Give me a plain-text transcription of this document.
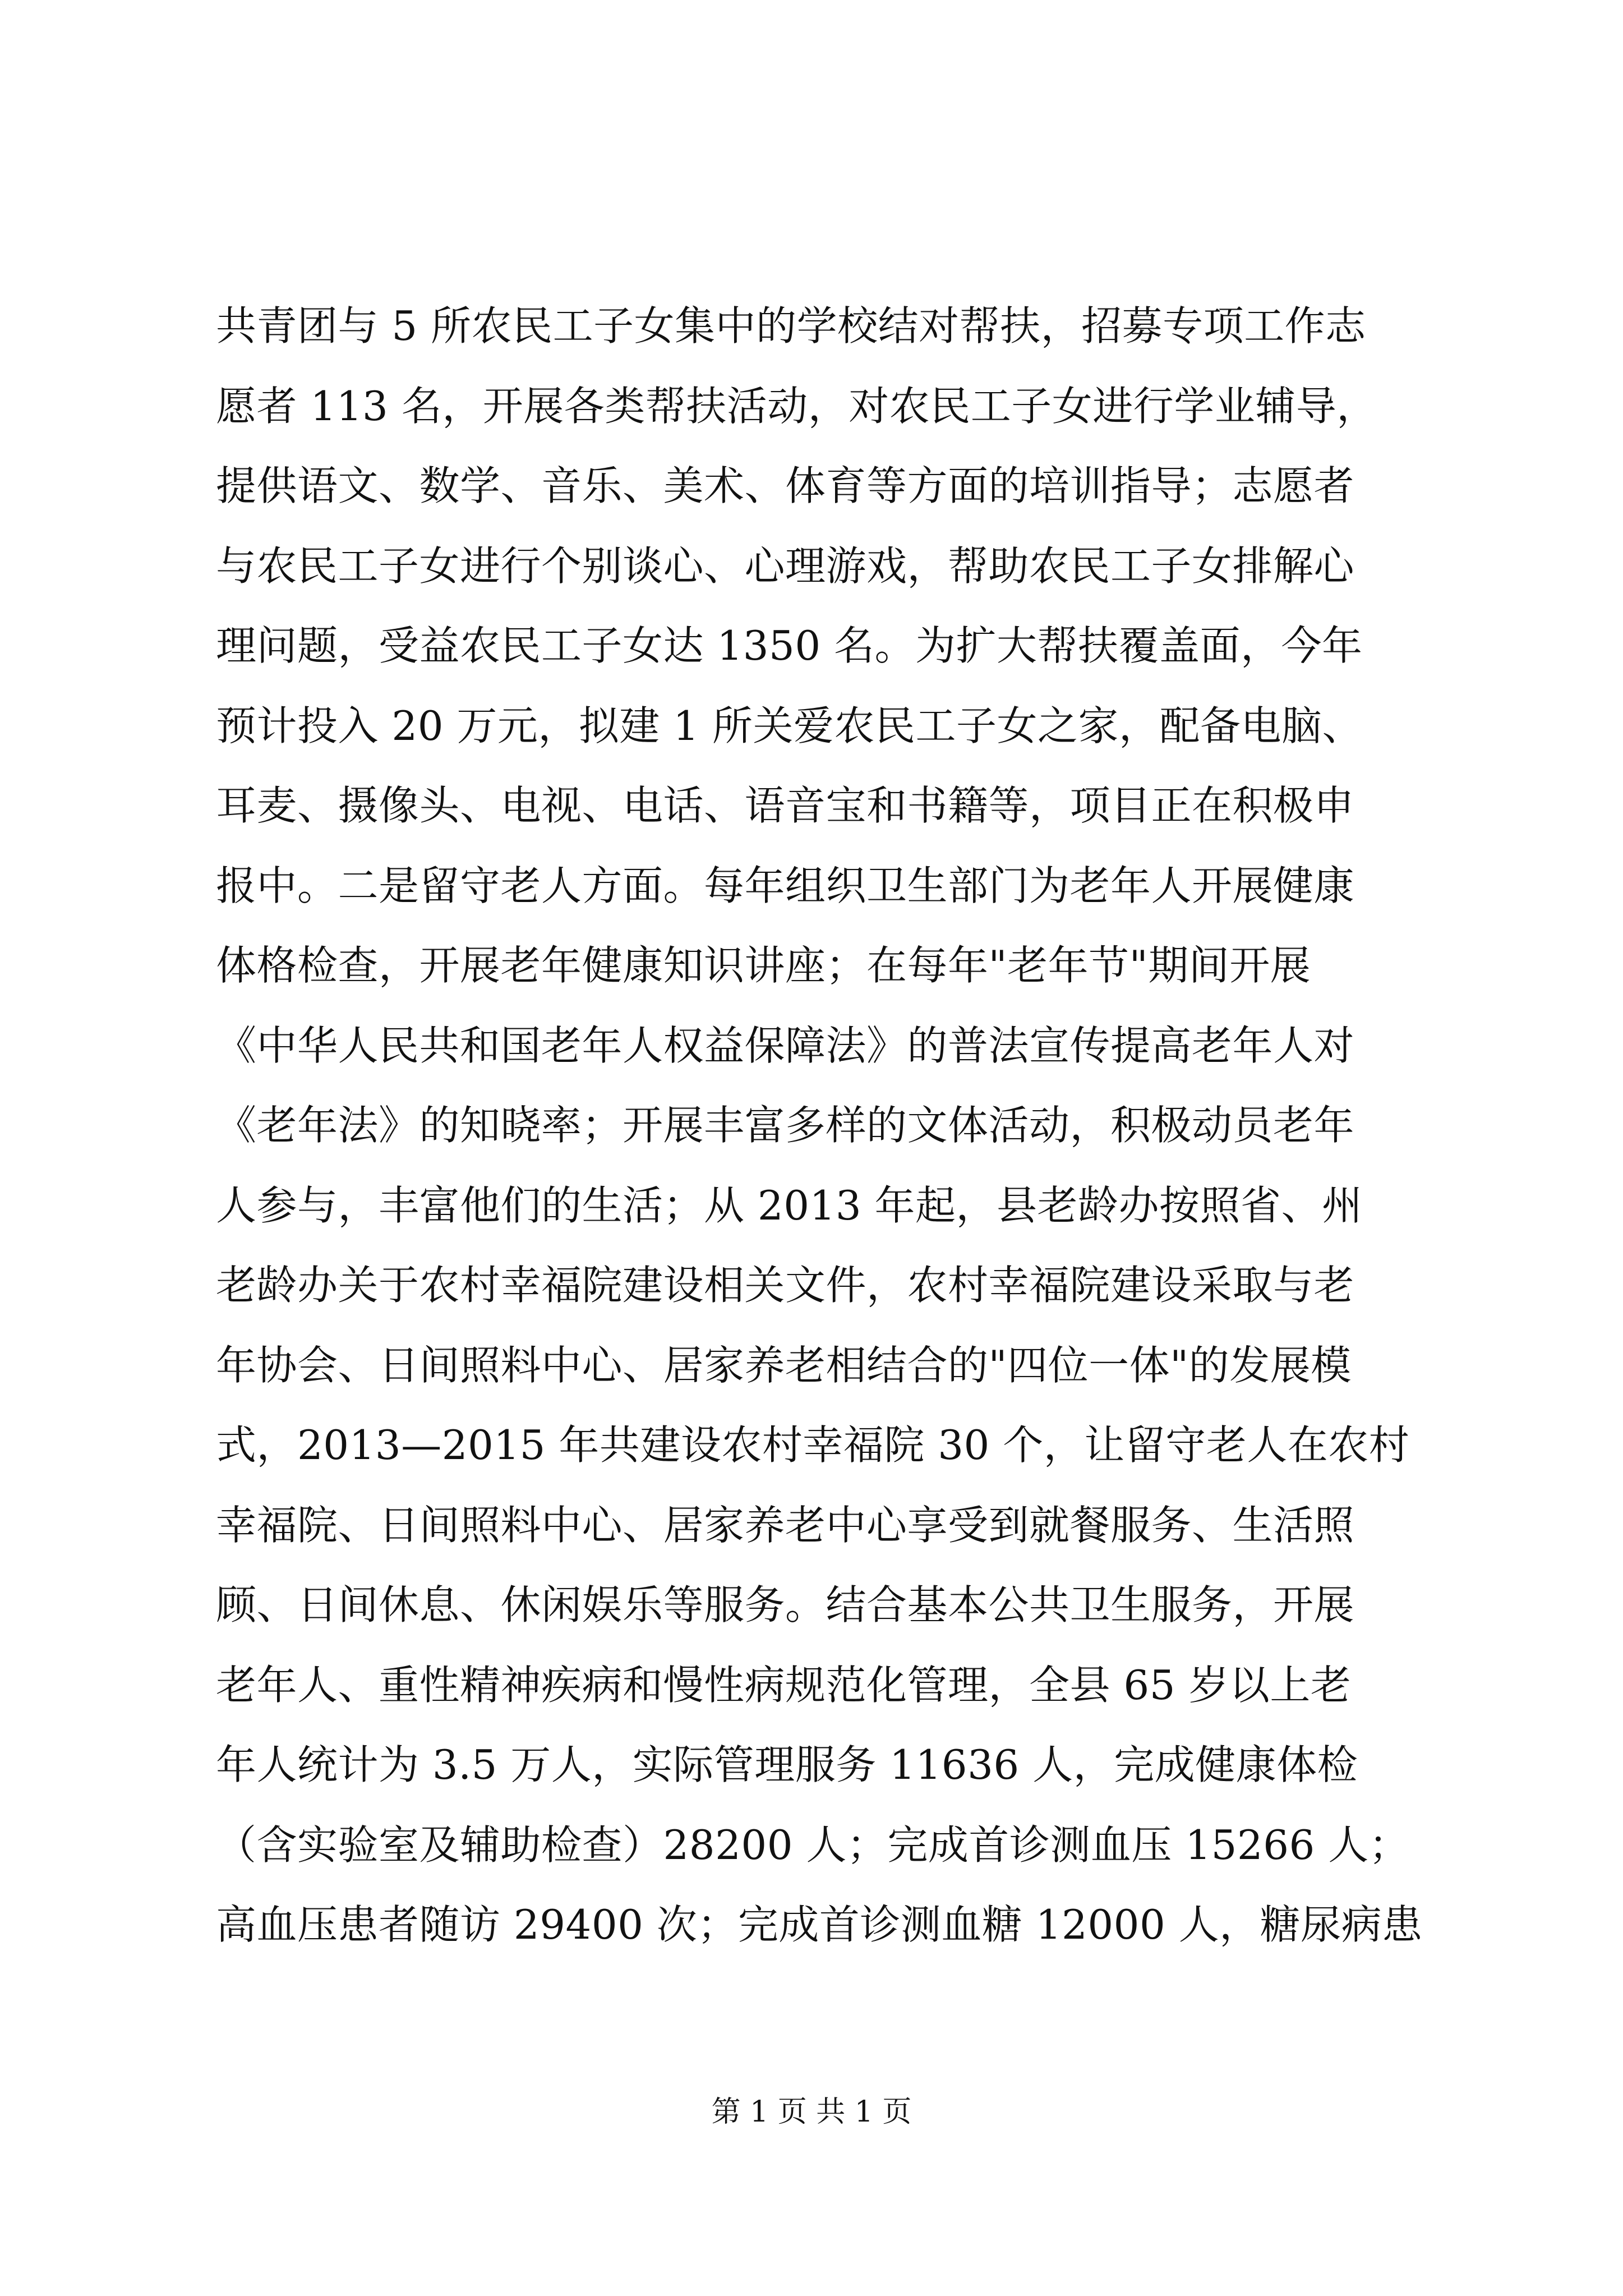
共青团与 5 所农民工子女集中的学校结对帮扶，招募专项工作志
愿者 113 名，开展各类帮扶活动，对农民工子女进行学业辅导，
提供语文、数学、音乐、美术、体育等方面的培训指导；志愿者
与农民工子女进行个别谈心、心理游戏，帮助农民工子女排解心
理问题，受益农民工子女达 1350 名。为扩大帮扶覆盖面，今年
预计投入 20 万元，拟建 1 所关爱农民工子女之家，配备电脑、
耳麦、摄像头、电视、电话、语音宝和书籍等，项目正在积极申
报中。二是留守老人方面。每年组织卫生部门为老年人开展健康
体格检查，开展老年健康知识讲座；在每年"老年节"期间开展
《中华人民共和国老年人权益保障法》的普法宣传提高老年人对
《老年法》的知晓率；开展丰富多样的文体活动，积极动员老年
人参与，丰富他们的生活；从 2013 年起，县老龄办按照省、州
老龄办关于农村幸福院建设相关文件，农村幸福院建设采取与老
年协会、日间照料中心、居家养老相结合的"四位一体"的发展模
式，2013—2015 年共建设农村幸福院 30 个，让留守老人在农村
幸福院、日间照料中心、居家养老中心享受到就餐服务、生活照
顾、日间休息、休闲娱乐等服务。结合基本公共卫生服务，开展
老年人、重性精神疾病和慢性病规范化管理，全县 65 岁以上老
年人统计为 3.5 万人，实际管理服务 11636 人，完成健康体检
（含实验室及辅助检查）28200 人；完成首诊测血压 15266 人；
高血压患者随访 29400 次；完成首诊测血糖 12000 人，糖尿病患
第 1 页 共 1 页
